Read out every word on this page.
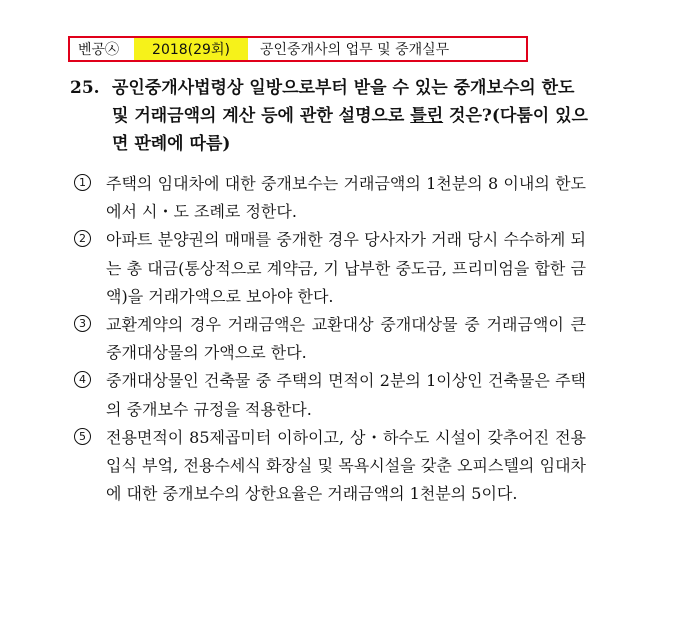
벤공㉦	2018(29회)	공인중개사의 업무 및 중개실무
25. 공인중개사법령상 일방으로부터 받을 수 있는 중개보수의 한도 및 거래금액의 계산 등에 관한 설명으로 틀린 것은?(다툼이 있으면 판례에 따름)
1	주택의 임대차에 대한 중개보수는 거래금액의 1천분의 8 이내의 한도에서 시・도 조례로 정한다.
2	아파트 분양권의 매매를 중개한 경우 당사자가 거래 당시 수수하게 되는 총 대금(통상적으로 계약금, 기 납부한 중도금, 프리미엄을 합한 금액)을 거래가액으로 보아야 한다.
3	교환계약의 경우 거래금액은 교환대상 중개대상물 중 거래금액이 큰 중개대상물의 가액으로 한다.
4	중개대상물인 건축물 중 주택의 면적이 2분의 1이상인 건축물은 주택의 중개보수 규정을 적용한다.
5	전용면적이 85제곱미터 이하이고, 상・하수도 시설이 갖추어진 전용입식 부엌, 전용수세식 화장실 및 목욕시설을 갖춘 오피스텔의 임대차에 대한 중개보수의 상한요율은 거래금액의 1천분의 5이다.
